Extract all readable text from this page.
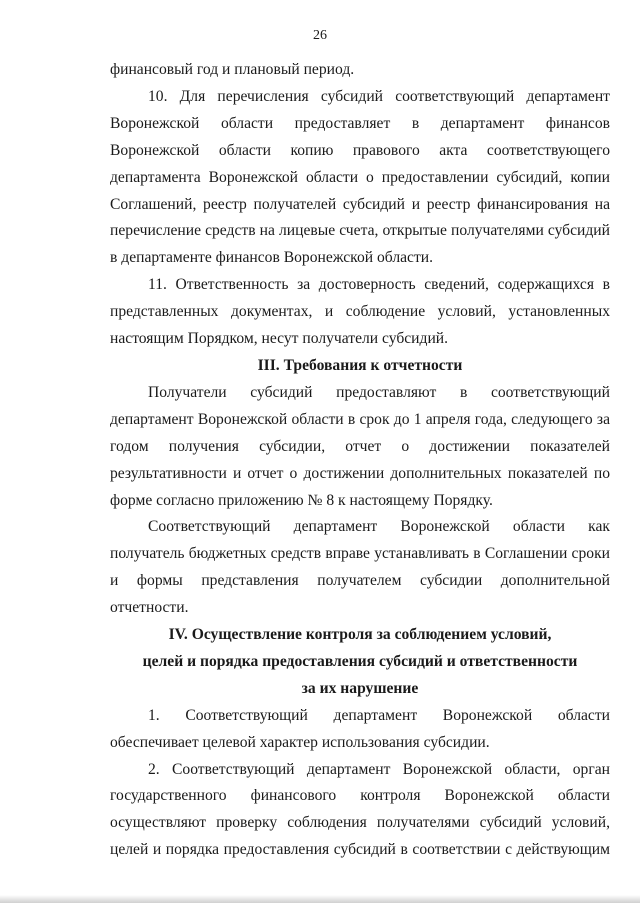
26

финансовый год и плановый период.

10. Для перечисления субсидий соответствующий департамент Воронежской области предоставляет в департамент финансов Воронежской области копию правового акта соответствующего департамента Воронежской области о предоставлении субсидий, копии Соглашений, реестр получателей субсидий и реестр финансирования на перечисление средств на лицевые счета, открытые получателями субсидий в департаменте финансов Воронежской области.

11. Ответственность за достоверность сведений, содержащихся в представленных документах, и соблюдение условий, установленных настоящим Порядком, несут получатели субсидий.

III. Требования к отчетности

Получатели субсидий предоставляют в соответствующий департамент Воронежской области в срок до 1 апреля года, следующего за годом получения субсидии, отчет о достижении показателей результативности и отчет о достижении дополнительных показателей по форме согласно приложению № 8 к настоящему Порядку.

Соответствующий департамент Воронежской области как получатель бюджетных средств вправе устанавливать в Соглашении сроки и формы представления получателем субсидии дополнительной отчетности.

IV. Осуществление контроля за соблюдением условий,

целей и порядка предоставления субсидий и ответственности

за их нарушение

1. Соответствующий департамент Воронежской области обеспечивает целевой характер использования субсидии.

2. Соответствующий департамент Воронежской области, орган государственного финансового контроля Воронежской области осуществляют проверку соблюдения получателями субсидий условий, целей и порядка предоставления субсидий в соответствии с действующим
